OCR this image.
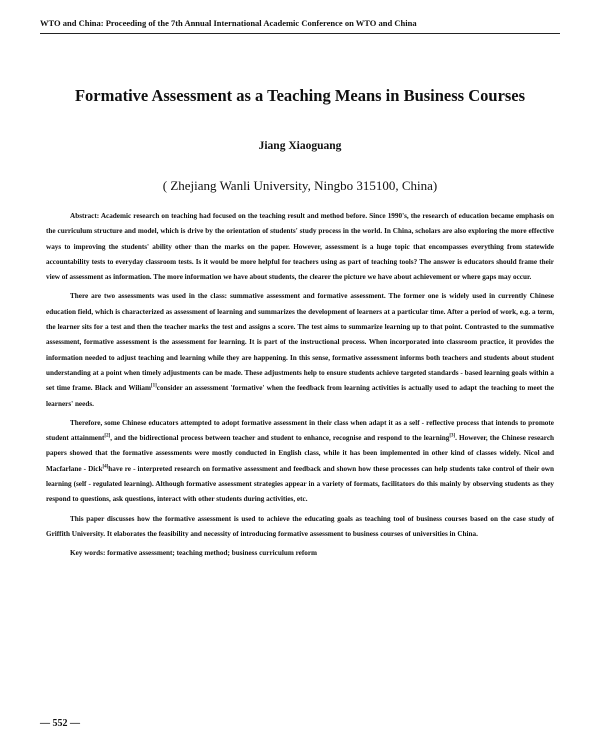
WTO and China: Proceeding of the 7th Annual International Academic Conference on WTO and China
Formative Assessment as a Teaching Means in Business Courses
Jiang Xiaoguang
( Zhejiang Wanli University, Ningbo 315100, China)

Abstract: Academic research on teaching had focused on the teaching result and method before. Since 1990's, the research of education became emphasis on the curriculum structure and model, which is drive by the orientation of students' study process in the world. In China, scholars are also exploring the more effective ways to improving the students' ability other than the marks on the paper. However, assessment is a huge topic that encompasses everything from statewide accountability tests to everyday classroom tests. Is it would be more helpful for teachers using as part of teaching tools? The answer is educators should frame their view of assessment as information. The more information we have about students, the clearer the picture we have about achievement or where gaps may occur.

There are two assessments was used in the class: summative assessment and formative assessment. The former one is widely used in currently Chinese education field, which is characterized as assessment of learning and summarizes the development of learners at a particular time. After a period of work, e.g. a term, the learner sits for a test and then the teacher marks the test and assigns a score. The test aims to summarize learning up to that point. Contrasted to the summative assessment, formative assessment is the assessment for learning. It is part of the instructional process. When incorporated into classroom practice, it provides the information needed to adjust teaching and learning while they are happening. In this sense, formative assessment informs both teachers and students about student understanding at a point when timely adjustments can be made. These adjustments help to ensure students achieve targeted standards - based learning goals within a set time frame. Black and Wiliam[1]consider an assessment 'formative' when the feedback from learning activities is actually used to adapt the teaching to meet the learners' needs.

Therefore, some Chinese educators attempted to adopt formative assessment in their class when adapt it as a self - reflective process that intends to promote student attainment[2], and the bidirectional process between teacher and student to enhance, recognise and respond to the learning[3]. However, the Chinese research papers showed that the formative assessments were mostly conducted in English class, while it has been implemented in other kind of classes widely. Nicol and Macfarlane - Dick[4]have re - interpreted research on formative assessment and feedback and shown how these processes can help students take control of their own learning (self - regulated learning). Although formative assessment strategies appear in a variety of formats, facilitators do this mainly by observing students as they respond to questions, ask questions, interact with other students during activities, etc.

This paper discusses how the formative assessment is used to achieve the educating goals as teaching tool of business courses based on the case study of Griffith University. It elaborates the feasibility and necessity of introducing formative assessment to business courses of universities in China.

Key words: formative assessment; teaching method; business curriculum reform

— 552 —
